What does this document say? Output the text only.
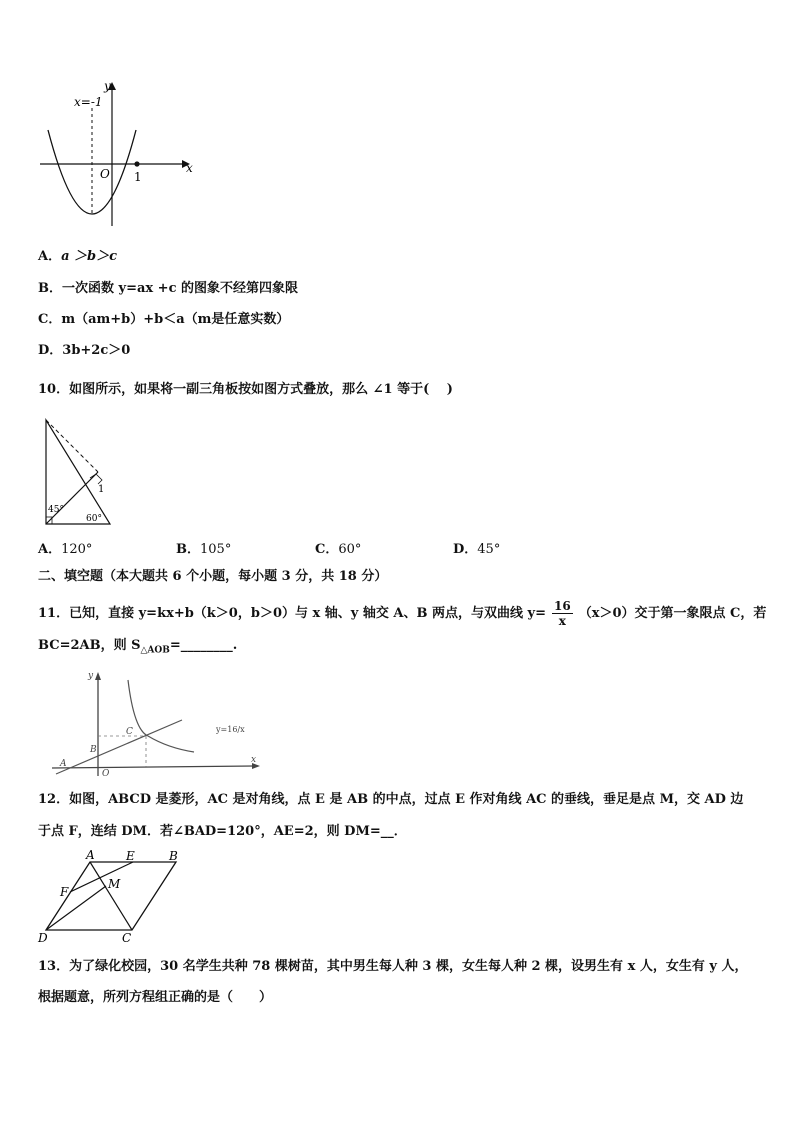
x=-1
y
x
O 1
A．a ＞b＞c
B．一次函数 y=ax +c 的图象不经第四象限
C．m（am+b）+b＜a（m是任意实数）
D．3b+2c＞0
10．如图所示，如果将一副三角板按如图方式叠放，那么 ∠1 等于(　 )
45°
60°
1
A．120°	B．105°	C．60°	D．45°
二、填空题（本大题共 6 个小题，每小题 3 分，共 18 分）
11．已知，直接 y=kx+b（k＞0，b＞0）与 x 轴、y 轴交 A、B 两点，与双曲线 $y= \frac{16}{x} (x>0)$交于第一象限点 C，若
BC=2AB，则 $S_{\triangle AOB}=\_\_\_\_\_\_\_\_$.
y
x
A
B
C
O
y=16/x
12．如图，ABCD 是菱形，AC 是对角线，点 E 是 AB 的中点，过点 E 作对角线 AC 的垂线，垂足是点 M，交 AD 边
于点 F，连结 DM．若∠BAD=120°，AE=2，则 DM=__．
A	E	B
F
M
D	C
13．为了绿化校园，30 名学生共种 78 棵树苗，其中男生每人种 3 棵，女生每人种 2 棵，设男生有 x 人，女生有 y 人，
根据题意，所列方程组正确的是（　　）
